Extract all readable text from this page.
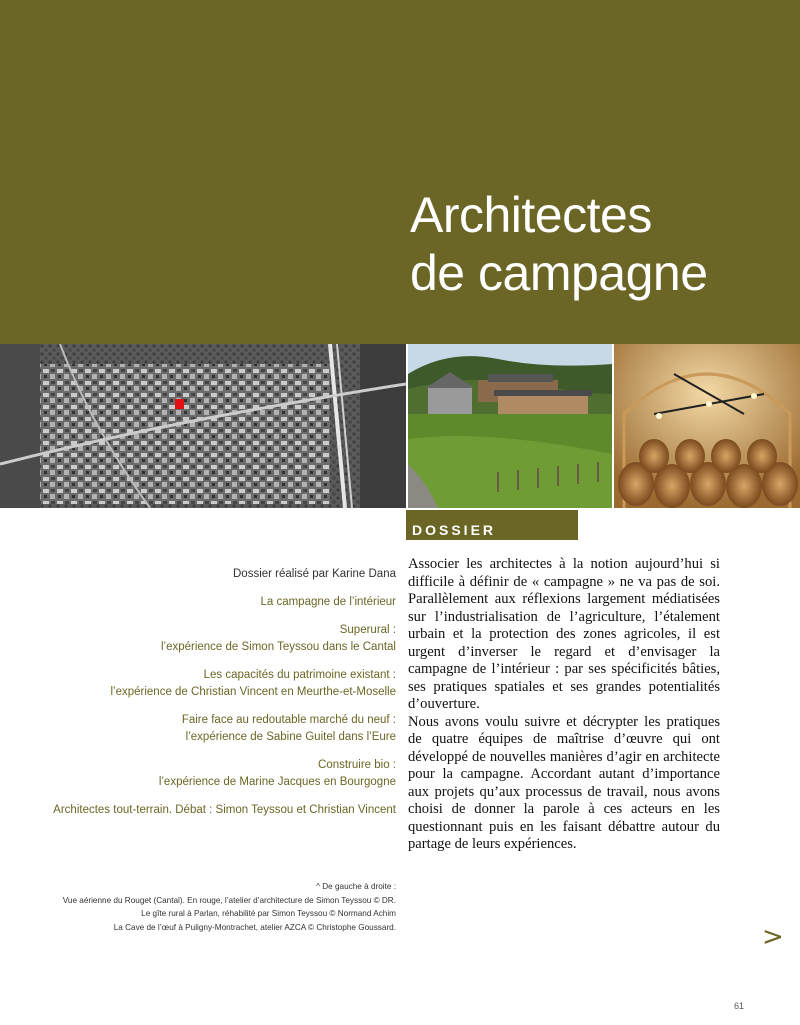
Architectes
de campagne
DOSSIER
Dossier réalisé par Karine Dana
La campagne de l’intérieur
Superural :
l’expérience de Simon Teyssou dans le Cantal
Les capacités du patrimoine existant :
l’expérience de Christian Vincent en Meurthe-et-Moselle
Faire face au redoutable marché du neuf :
l’expérience de Sabine Guitel dans l’Eure
Construire bio :
l’expérience de Marine Jacques en Bourgogne
Architectes tout-terrain. Débat : Simon Teyssou et Christian Vincent
^ De gauche à droite :
Vue aérienne du Rouget (Cantal). En rouge, l’atelier d’architecture de Simon Teyssou © DR.
Le gîte rural à Parlan, réhabilité par Simon Teyssou © Normand Achim
La Cave de l’œuf à Puligny-Montrachet, atelier AZCA © Christophe Goussard.

Associer les architectes à la notion aujourd’hui si difficile à définir de « campagne » ne va pas de soi. Parallèlement aux réflexions largement médiatisées sur l’industrialisation de l’agriculture, l’étalement urbain et la protection des zones agricoles, il est urgent d’inverser le regard et d’envisager la campagne de l’intérieur : par ses spécificités bâties, ses pratiques spatiales et ses grandes potentialités d’ouverture.

Nous avons voulu suivre et décrypter les pratiques de quatre équipes de maîtrise d’œuvre qui ont développé de nouvelles manières d’agir en architecte pour la campagne. Accordant autant d’importance aux projets qu’aux processus de travail, nous avons choisi de donner la parole à ces acteurs en les questionnant puis en les faisant débattre autour du partage de leurs expériences.

>
61
